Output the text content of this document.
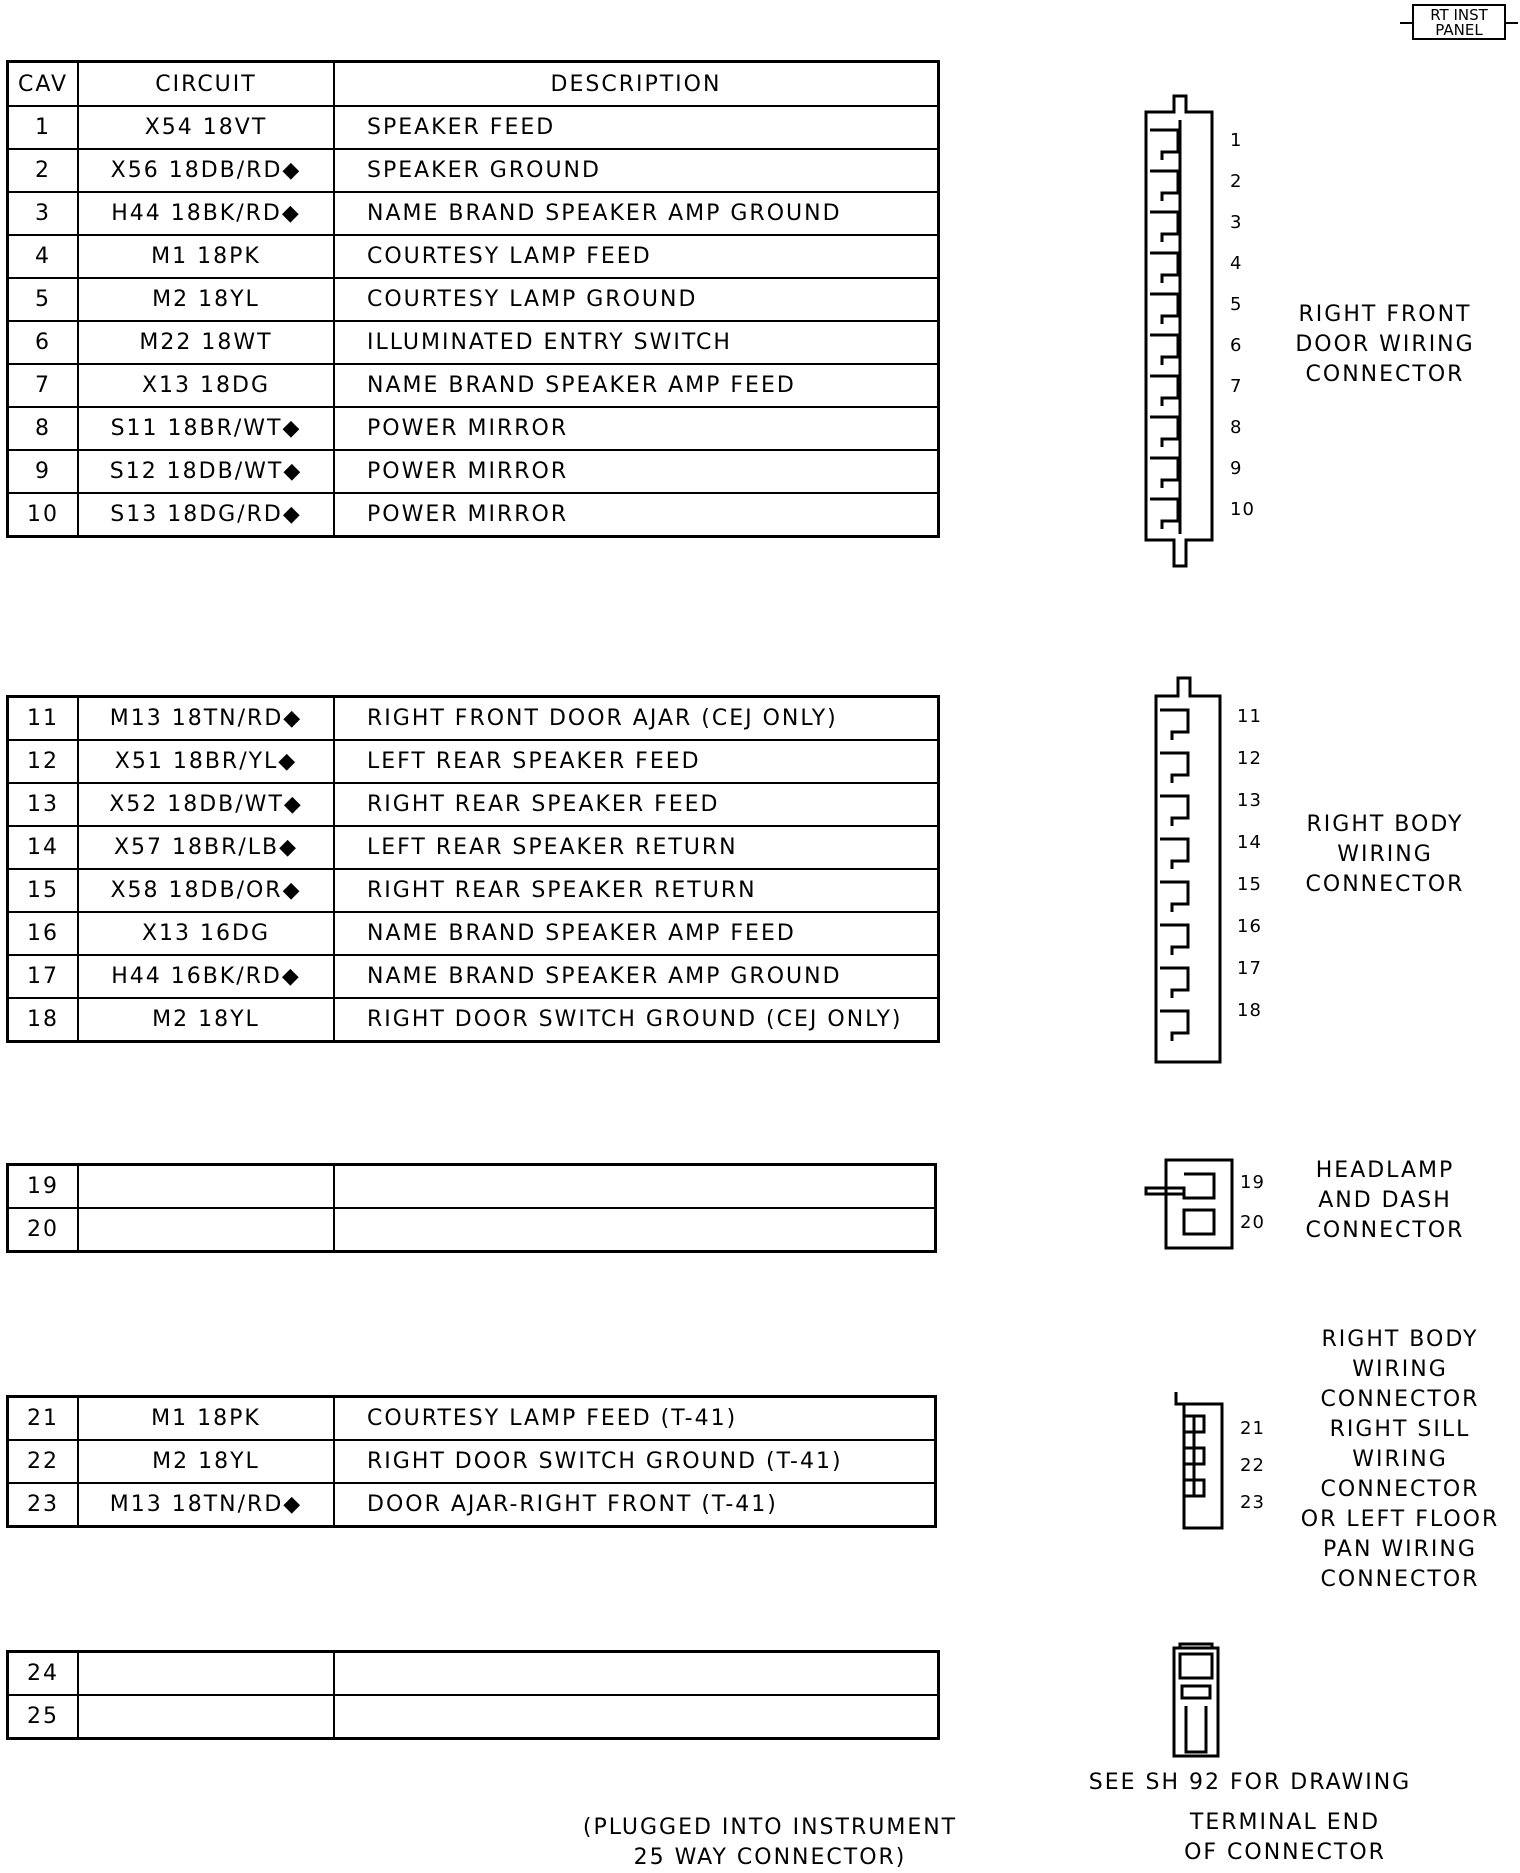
RT INST
PANEL
CAV	CIRCUIT	DESCRIPTION
1	X54 18VT	SPEAKER FEED
2	X56 18DB/RD◆	SPEAKER GROUND
3	H44 18BK/RD◆	NAME BRAND SPEAKER AMP GROUND
4	M1 18PK	COURTESY LAMP FEED
5	M2 18YL	COURTESY LAMP GROUND
6	M22 18WT	ILLUMINATED ENTRY SWITCH
7	X13 18DG	NAME BRAND SPEAKER AMP FEED
8	S11 18BR/WT◆	POWER MIRROR
9	S12 18DB/WT◆	POWER MIRROR
10	S13 18DG/RD◆	POWER MIRROR
11	M13 18TN/RD◆	RIGHT FRONT DOOR AJAR (CEJ ONLY)
12	X51 18BR/YL◆	LEFT REAR SPEAKER FEED
13	X52 18DB/WT◆	RIGHT REAR SPEAKER FEED
14	X57 18BR/LB◆	LEFT REAR SPEAKER RETURN
15	X58 18DB/OR◆	RIGHT REAR SPEAKER RETURN
16	X13 16DG	NAME BRAND SPEAKER AMP FEED
17	H44 16BK/RD◆	NAME BRAND SPEAKER AMP GROUND
18	M2 18YL	RIGHT DOOR SWITCH GROUND (CEJ ONLY)
19		
20		
21	M1 18PK	COURTESY LAMP FEED (T-41)
22	M2 18YL	RIGHT DOOR SWITCH GROUND (T-41)
23	M13 18TN/RD◆	DOOR AJAR-RIGHT FRONT (T-41)
24		
25		
1
2
3
4
5
6
7
8
9
10
RIGHT FRONT
DOOR WIRING
CONNECTOR
11
12
13
14
15
16
17
18
RIGHT BODY
WIRING
CONNECTOR
19
20
HEADLAMP
AND DASH
CONNECTOR
21
22
23
RIGHT BODY
WIRING
CONNECTOR
RIGHT SILL
WIRING
CONNECTOR
OR LEFT FLOOR
PAN WIRING
CONNECTOR
SEE SH 92 FOR DRAWING
TERMINAL END
OF CONNECTOR
(PLUGGED INTO INSTRUMENT
25 WAY CONNECTOR)
